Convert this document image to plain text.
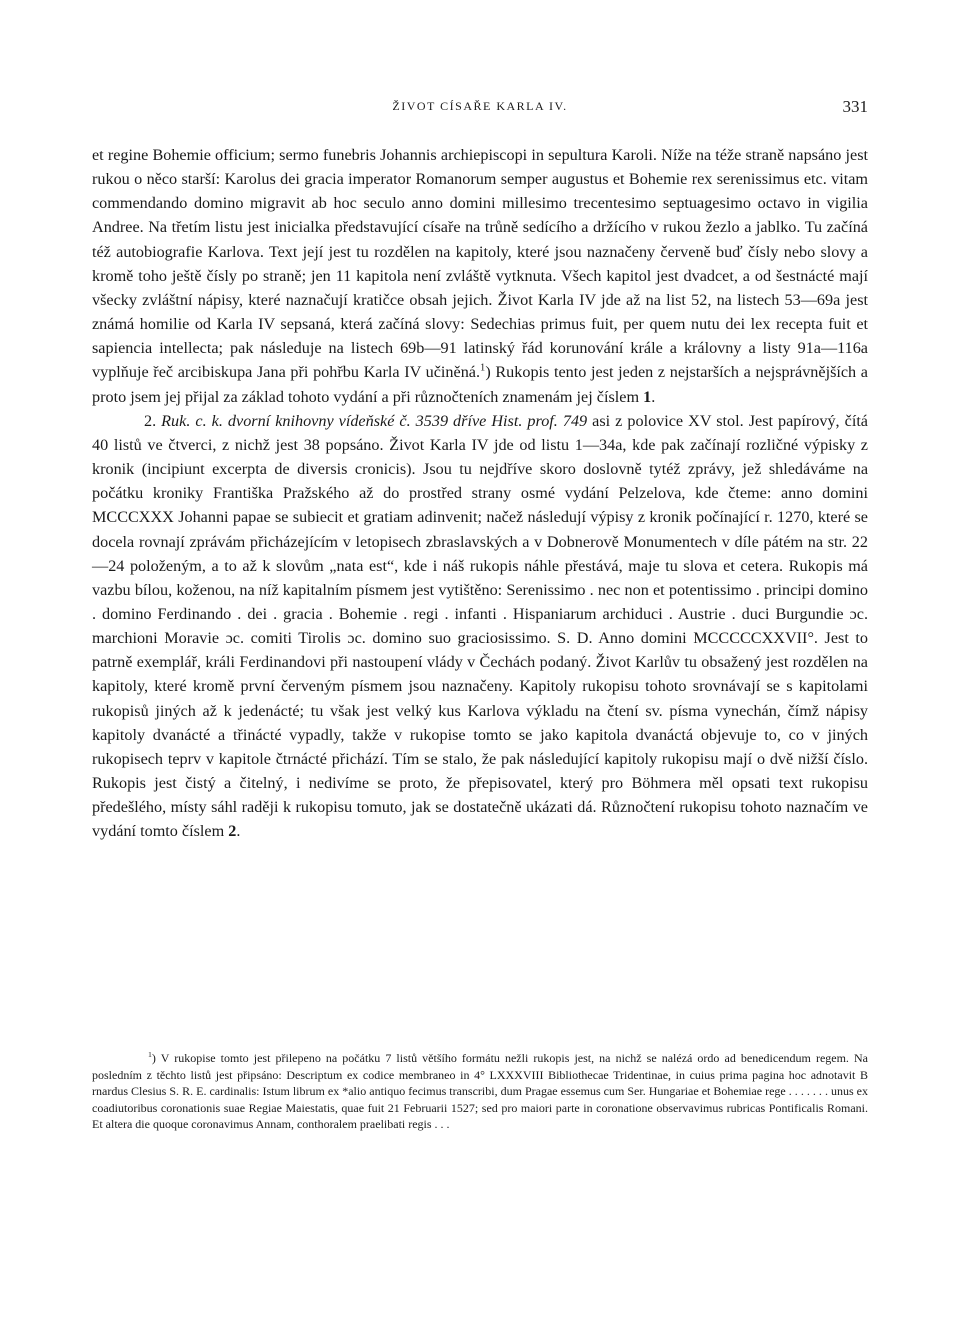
ŽIVOT CÍSAŘE KARLA IV.	331

et regine Bohemie officium; sermo funebris Johannis archiepiscopi in sepultura Karoli. Níže na téže straně napsáno jest rukou o něco starší: Karolus dei gracia imperator Romanorum semper augustus et Bohemie rex serenissimus etc. vitam commendando domino migravit ab hoc seculo anno domini millesimo trecentesimo septuagesimo octavo in vigilia Andree. Na třetím listu jest inicialka představující císaře na trůně sedícího a držícího v rukou žezlo a jablko. Tu začíná též autobiografie Karlova. Text její jest tu rozdělen na kapitoly, které jsou naznačeny červeně buď čísly nebo slovy a kromě toho ještě čísly po straně; jen 11 kapitola není zvláště vytknuta. Všech kapitol jest dvadcet, a od šestnácté mají všecky zvláštní nápisy, které naznačují kratičce obsah jejich. Život Karla IV jde až na list 52, na listech 53—69a jest známá homilie od Karla IV sepsaná, která začíná slovy: Sedechias primus fuit, per quem nutu dei lex recepta fuit et sapiencia intellecta; pak následuje na listech 69b—91 latinský řád korunování krále a královny a listy 91a—116a vyplňuje řeč arcibiskupa Jana při pohřbu Karla IV učiněná.$^1$) Rukopis tento jest jeden z nejstarších a nejsprávnějších a proto jsem jej přijal za základ tohoto vydání a při různočteních znamenám jej číslem 1.

2. Ruk. c. k. dvorní knihovny vídeňské č. 3539 dříve Hist. prof. 749 asi z polovice XV stol. Jest papírový, čítá 40 listů ve čtverci, z nichž jest 38 popsáno. Život Karla IV jde od listu 1—34a, kde pak začínají rozličné výpisky z kronik (incipiunt excerpta de diversis cronicis). Jsou tu nejdříve skoro doslovně tytéž zprávy, jež shledáváme na počátku kroniky Františka Pražského až do prostřed strany osmé vydání Pelzelova, kde čteme: anno domini MCCCXXX Johanni papae se subiecit et gratiam adinvenit; načež následují výpisy z kronik počínající r. 1270, které se docela rovnají zprávám přicházejícím v letopisech zbraslavských a v Dobnerově Monumentech v díle pátém na str. 22—24 položeným, a to až k slovům „nata est“, kde i náš rukopis náhle přestává, maje tu slova et cetera. Rukopis má vazbu bílou, koženou, na níž kapitalním písmem jest vytištěno: Serenissimo . nec non et potentissimo . principi domino . domino Ferdinando . dei . gracia . Bohemie . regi . infanti . Hispaniarum archiduci . Austrie . duci Burgundie ɔc. marchioni Moravie ɔc. comiti Tirolis ɔc. domino suo graciosissimo. S. D. Anno domini MCCCCCXXVII°. Jest to patrně exemplář, králi Ferdinandovi při nastoupení vlády v Čechách podaný. Život Karlův tu obsažený jest rozdělen na kapitoly, které kromě první červeným písmem jsou naznačeny. Kapitoly rukopisu tohoto srovnávají se s kapitolami rukopisů jiných až k jedenácté; tu však jest velký kus Karlova výkladu na čtení sv. písma vynechán, čímž nápisy kapitoly dvanácté a třinácté vypadly, takže v rukopise tomto se jako kapitola dvanáctá objevuje to, co v jiných rukopisech teprv v kapitole čtrnácté přichází. Tím se stalo, že pak následující kapitoly rukopisu mají o dvě nižší číslo. Rukopis jest čistý a čitelný, i nedivíme se proto, že přepisovatel, který pro Böhmera měl opsati text rukopisu předešlého, místy sáhl raději k rukopisu tomuto, jak se dostatečně ukázati dá. Různočtení rukopisu tohoto naznačím ve vydání tomto číslem 2.

$^1$) V rukopise tomto jest přilepeno na počátku 7 listů většího formátu nežli rukopis jest, na nichž se nalézá ordo ad benedicendum regem. Na posledním z těchto listů jest připsáno: Descriptum ex codice membraneo in 4° LXXXVIII Bibliothecae Tridentinae, in cuius prima pagina hoc adnotavit B rnardus Clesius S. R. E. cardinalis: Istum librum ex *alio antiquo fecimus transcribi, dum Pragae essemus cum Ser. Hungariae et Bohemiae rege . . . . . . . unus ex coadiutoribus coronationis suae Regiae Maiestatis, quae fuit 21 Februarii 1527; sed pro maiori parte in coronatione observavimus rubricas Pontificalis Romani. Et altera die quoque coronavimus Annam, conthoralem praelibati regis . . .
